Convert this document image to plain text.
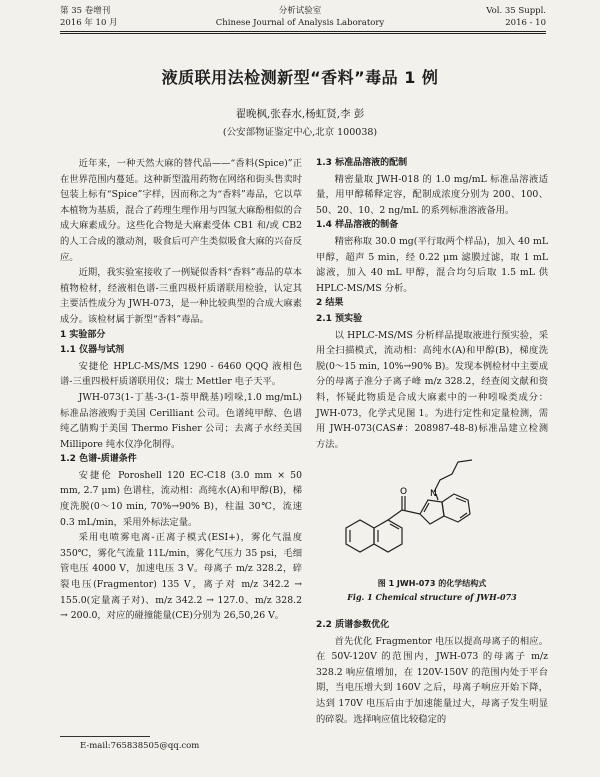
第 35 卷增刊
2016 年 10 月
分析试验室
Chinese Journal of Analysis Laboratory
Vol. 35 Suppl.
2016 - 10
液质联用法检测新型“香料”毒品 1 例
翟晚枫,张春水,杨虹贤,李 彭
(公安部物证鉴定中心,北京 100038)

近年来，一种天然大麻的替代品——“香料(Spice)”正在世界范围内蔓延。这种新型滥用药物在网络和街头售卖时包装上标有“Spice”字样，因而称之为“香料”毒品，它以草本植物为基质，混合了药理生理作用与四氢大麻酚相似的合成大麻素成分。这些化合物是大麻素受体 CB1 和/或 CB2 的人工合成的激动剂，吸食后可产生类似吸食大麻的兴奋反应。

近期，我实验室接收了一例疑似香料“香料”毒品的草本植物检材，经液相色谱-三重四极杆质谱联用检验，认定其主要活性成分为 JWH-073，是一种比较典型的合成大麻素成分。该检材属于新型“香料”毒品。

1 实验部分

1.1 仪器与试剂

安捷伦 HPLC-MS/MS 1290 - 6460 QQQ 液相色谱-三重四极杆质谱联用仪；瑞士 Mettler 电子天平。

JWH-073(1-丁基-3-(1-萘甲酰基)吲哚,1.0 mg/mL)标准品溶液购于美国 Cerilliant 公司。色谱纯甲醇、色谱纯乙腈购于美国 Thermo Fisher 公司；去离子水经美国 Millipore 纯水仪净化制得。

1.2 色谱-质谱条件

安捷伦 Poroshell 120 EC-C18 (3.0 mm × 50 mm, 2.7 μm) 色谱柱，流动相：高纯水(A)和甲醇(B)，梯度洗脱(0～10 min, 70%→90% B)，柱温 30℃，流速 0.3 mL/min，采用外标法定量。

采用电喷雾电离-正离子模式(ESI+)，雾化气温度 350℃，雾化气流量 11L/min，雾化气压力 35 psi，毛细管电压 4000 V，加速电压 3 V。母离子 m/z 328.2，碎裂电压(Fragmentor) 135 V，离子对 m/z 342.2 → 155.0(定量离子对)、m/z 342.2 → 127.0、m/z 328.2 → 200.0，对应的碰撞能量(CE)分别为 26,50,26 V。

1.3 标准品溶液的配制

精密量取 JWH-018 的 1.0 mg/mL 标准品溶液适量，用甲醇稀释定容，配制成浓度分别为 200、100、50、20、10、2 ng/mL 的系列标准溶液备用。

1.4 样品溶液的制备

精密称取 30.0 mg(平行取两个样品)，加入 40 mL 甲醇，超声 5 min，经 0.22 μm 滤膜过滤，取 1 mL 滤液，加入 40 mL 甲醇，混合均匀后取 1.5 mL 供 HPLC-MS/MS 分析。

2 结果

2.1 预实验

以 HPLC-MS/MS 分析样品提取液进行预实验，采用全扫描模式，流动相：高纯水(A)和甲醇(B)，梯度洗脱(0～15 min, 10%→90% B)。发现本例检材中主要成分的母离子准分子离子峰 m/z 328.2，经查阅文献和资料，怀疑此物质是合成大麻素中的一种吲哚类成分：JWH-073，化学式见图 1。为进行定性和定量检测，需用 JWH-073(CAS#：208987-48-8)标准品建立检测方法。

O	N
图 1 JWH-073 的化学结构式
Fig. 1 Chemical structure of JWH-073

2.2 质谱参数优化

首先优化 Fragmentor 电压以提高母离子的相应。在 50V-120V 的范围内，JWH-073 的母离子 m/z 328.2 响应值增加，在 120V-150V 的范围内处于平台期，当电压增大到 160V 之后，母离子响应开始下降，达到 170V 电压后由于加速能量过大，母离子发生明显的碎裂。选择响应值比较稳定的

E-mail:765838505@qq.com
